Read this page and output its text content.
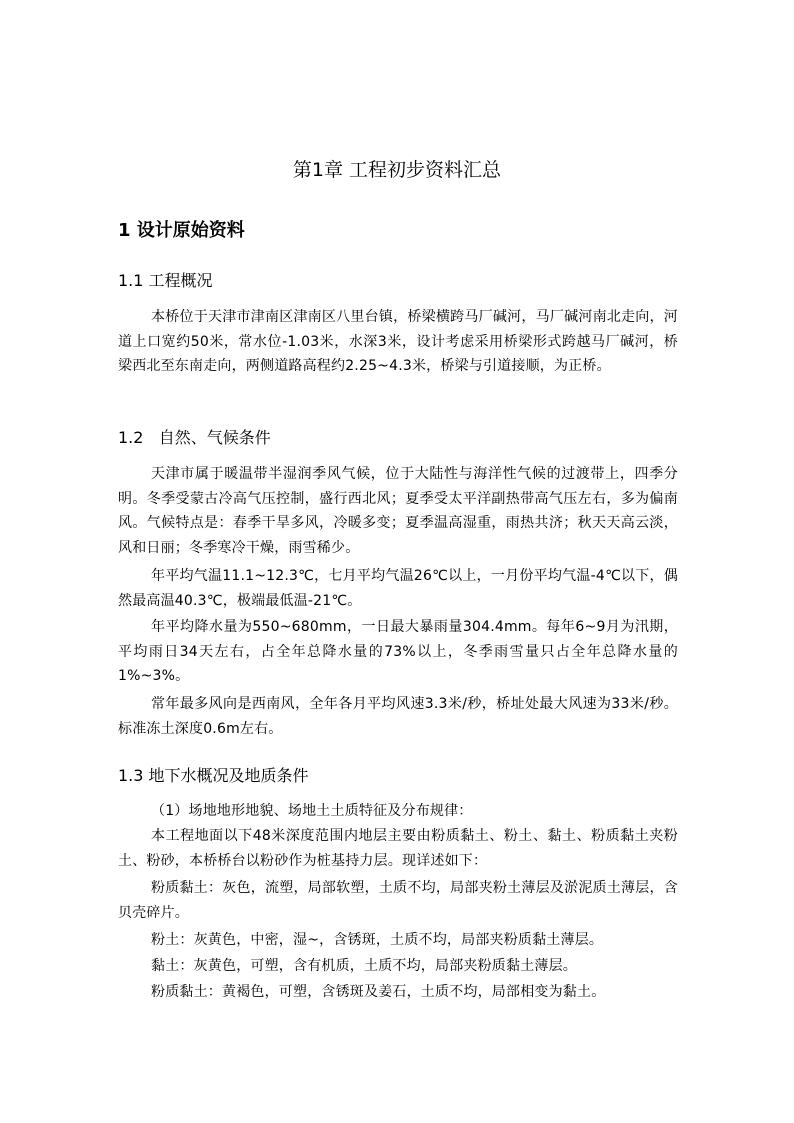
第1章 工程初步资料汇总
1 设计原始资料
1.1 工程概况

本桥位于天津市津南区津南区八里台镇，桥梁横跨马厂碱河，马厂碱河南北走向，河道上口宽约50米，常水位-1.03米，水深3米，设计考虑采用桥梁形式跨越马厂碱河，桥梁西北至东南走向，两侧道路高程约2.25~4.3米，桥梁与引道接顺，为正桥。

1.2   自然、气候条件

天津市属于暖温带半湿润季风气候，位于大陆性与海洋性气候的过渡带上，四季分明。冬季受蒙古冷高气压控制，盛行西北风；夏季受太平洋副热带高气压左右，多为偏南风。气候特点是：春季干旱多风，冷暖多变；夏季温高湿重，雨热共济；秋天天高云淡，风和日丽；冬季寒冷干燥，雨雪稀少。

年平均气温11.1~12.3℃，七月平均气温26℃以上，一月份平均气温-4℃以下，偶然最高温40.3℃，极端最低温-21℃。

年平均降水量为550~680mm，一日最大暴雨量304.4mm。每年6~9月为汛期，平均雨日34天左右，占全年总降水量的73%以上，冬季雨雪量只占全年总降水量的1%~3%。

常年最多风向是西南风，全年各月平均风速3.3米/秒，桥址处最大风速为33米/秒。标准冻土深度0.6m左右。

1.3 地下水概况及地质条件

（1）场地地形地貌、场地土土质特征及分布规律：

本工程地面以下48米深度范围内地层主要由粉质黏土、粉土、黏土、粉质黏土夹粉土、粉砂，本桥桥台以粉砂作为桩基持力层。现详述如下：

粉质黏土：灰色，流塑，局部软塑，土质不均，局部夹粉土薄层及淤泥质土薄层，含贝壳碎片。

粉土：灰黄色，中密，湿~，含锈斑，土质不均，局部夹粉质黏土薄层。

黏土：灰黄色，可塑，含有机质，土质不均，局部夹粉质黏土薄层。

粉质黏土：黄褐色，可塑，含锈斑及姜石，土质不均，局部相变为黏土。
